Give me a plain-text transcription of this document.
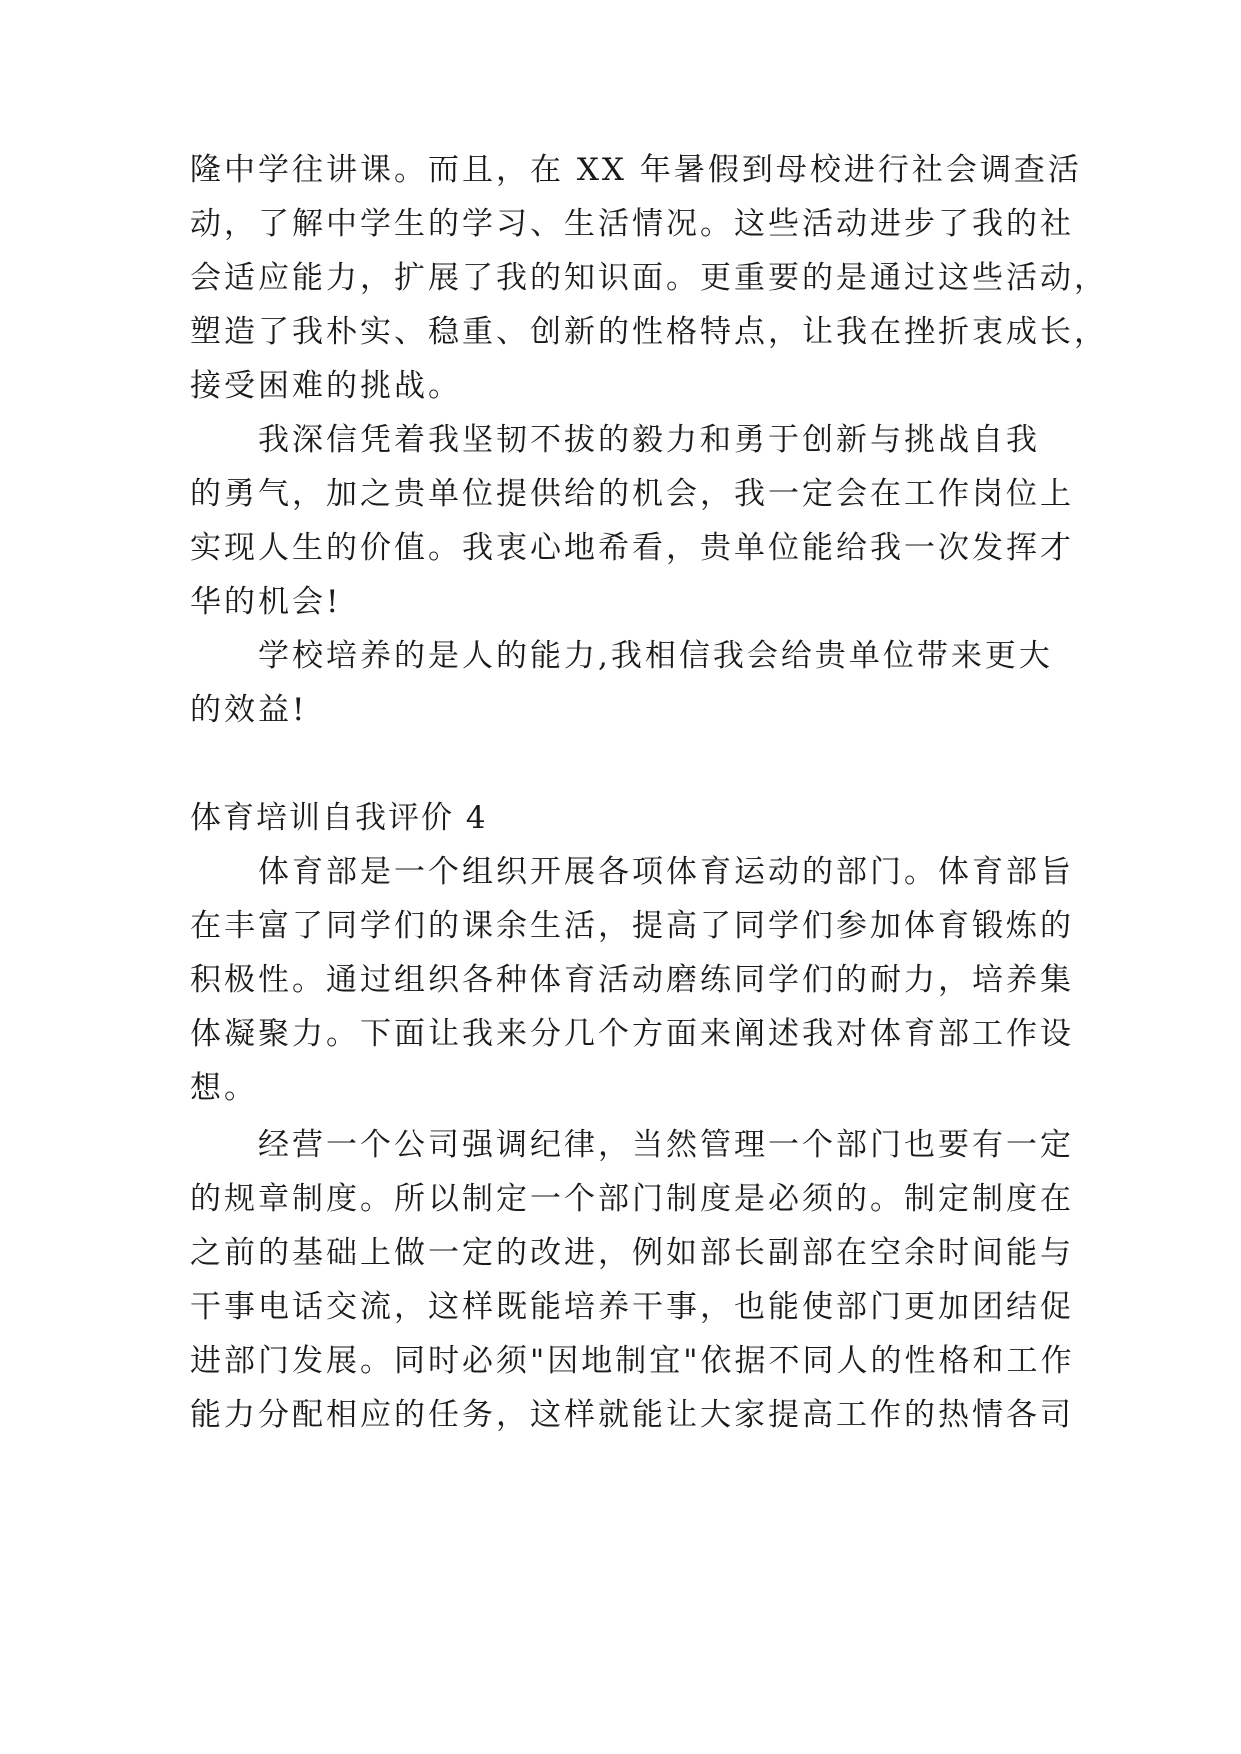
隆中学往讲课。而且，在 XX 年暑假到母校进行社会调查活
动，了解中学生的学习、生活情况。这些活动进步了我的社
会适应能力，扩展了我的知识面。更重要的是通过这些活动，
塑造了我朴实、稳重、创新的性格特点，让我在挫折衷成长，
接受困难的挑战。
我深信凭着我坚韧不拔的毅力和勇于创新与挑战自我
的勇气，加之贵单位提供给的机会，我一定会在工作岗位上
实现人生的价值。我衷心地希看，贵单位能给我一次发挥才
华的机会!
学校培养的是人的能力,我相信我会给贵单位带来更大
的效益!
体育培训自我评价 4
体育部是一个组织开展各项体育运动的部门。体育部旨
在丰富了同学们的课余生活，提高了同学们参加体育锻炼的
积极性。通过组织各种体育活动磨练同学们的耐力，培养集
体凝聚力。下面让我来分几个方面来阐述我对体育部工作设
想。
经营一个公司强调纪律，当然管理一个部门也要有一定
的规章制度。所以制定一个部门制度是必须的。制定制度在
之前的基础上做一定的改进，例如部长副部在空余时间能与
干事电话交流，这样既能培养干事，也能使部门更加团结促
进部门发展。同时必须"因地制宜"依据不同人的性格和工作
能力分配相应的任务，这样就能让大家提高工作的热情各司
